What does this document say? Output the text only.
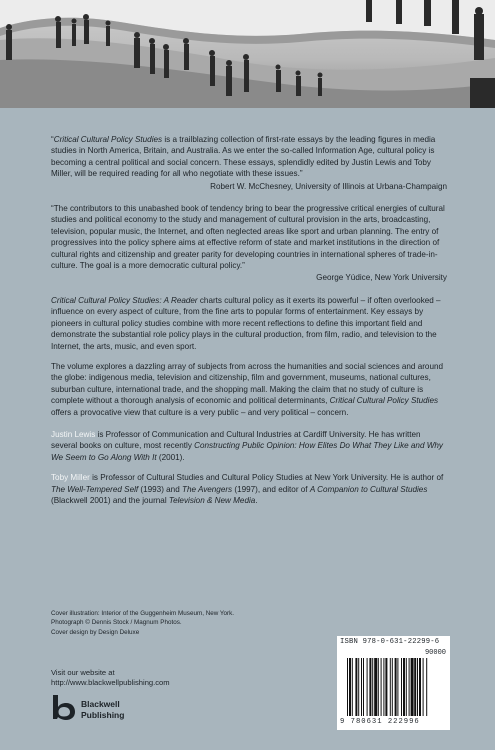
“Critical Cultural Policy Studies is a trailblazing collection of first-rate essays by the leading figures in media studies in North America, Britain, and Australia. As we enter the so-called Information Age, cultural policy is becoming a central political and social concern. These essays, splendidly edited by Justin Lewis and Toby Miller, will be required reading for all who negotiate with these issues.”

Robert W. McChesney, University of Illinois at Urbana-Champaign

“The contributors to this unabashed book of tendency bring to bear the progressive critical energies of cultural studies and political economy to the study and management of cultural provision in the arts, broadcasting, television, popular music, the Internet, and often neglected areas like sport and urban planning. The entry of progressives into the policy sphere aims at effective reform of state and market institutions in the direction of cultural rights and citizenship and greater parity for developing countries in international spheres of trade-in-culture. The goal is a more democratic cultural policy.”

George Yúdice, New York University

Critical Cultural Policy Studies: A Reader charts cultural policy as it exerts its powerful – if often overlooked – influence on every aspect of culture, from the fine arts to popular forms of entertainment. Key essays by pioneers in cultural policy studies combine with more recent reflections to define this important field and demonstrate the substantial role policy plays in the cultural production, from film, radio, and television to the Internet, the arts, music, and even sport.

The volume explores a dazzling array of subjects from across the humanities and social sciences and around the globe: indigenous media, television and citizenship, film and government, museums, national cultures, suburban culture, international trade, and the shopping mall. Making the claim that no study of culture is complete without a thorough analysis of economic and political determinants, Critical Cultural Policy Studies offers a provocative view that culture is a very public – and very political – concern.

Justin Lewis is Professor of Communication and Cultural Industries at Cardiff University. He has written several books on culture, most recently Constructing Public Opinion: How Elites Do What They Like and Why We Seem to Go Along With It (2001).

Toby Miller is Professor of Cultural Studies and Cultural Policy Studies at New York University. He is author of The Well-Tempered Self (1993) and The Avengers (1997), and editor of A Companion to Cultural Studies (Blackwell 2001) and the journal Television & New Media.

Cover illustration: Interior of the Guggenheim Museum, New York.
Photograph © Dennis Stock / Magnum Photos.
Cover design by Design Deluxe
Visit our website at
http://www.blackwellpublishing.com
Blackwell
Publishing
ISBN 978-0-631-22299-6
90000
9 780631 222996
